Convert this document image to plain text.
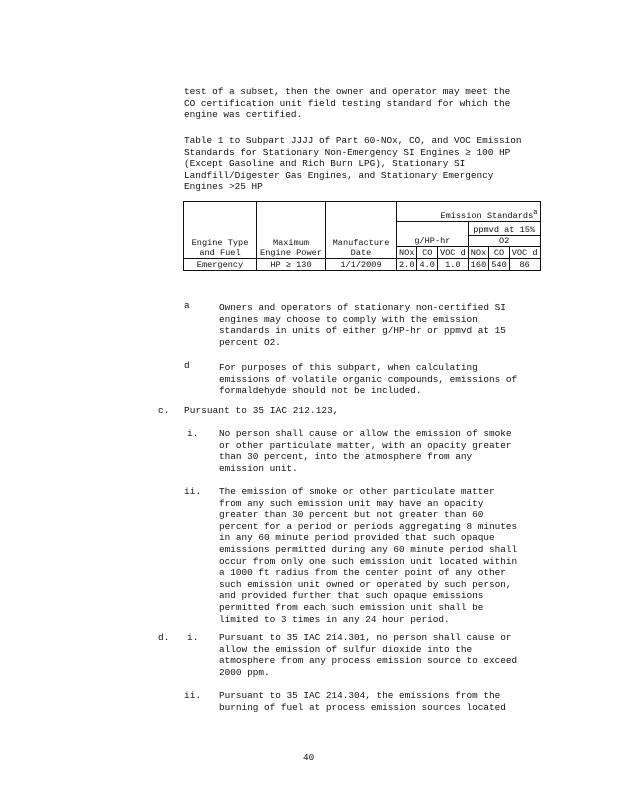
test of a subset, then the owner and operator may meet the
CO certification unit field testing standard for which the
engine was certified.
Table 1 to Subpart JJJJ of Part 60-NOx, CO, and VOC Emission
Standards for Stationary Non-Emergency SI Engines ≥ 100 HP
(Except Gasoline and Rich Burn LPG), Stationary SI
Landfill/Digester Gas Engines, and Stationary Emergency
Engines >25 HP
Engine Type and Fuel	Maximum Engine Power	Manufacture Date	Emission Standards$^a$
			g/HP-hr			ppmvd at 15%		
						O2		
			NOx	CO	VOC d	NOx	CO	VOC d
Emergency	HP ≥ 130	1/1/2009	2.0	4.0	1.0	160	540	86
a	Owners and operators of stationary non-certified SI
engines may choose to comply with the emission
standards in units of either g/HP-hr or ppmvd at 15
percent O2.
d	For purposes of this subpart, when calculating
emissions of volatile organic compounds, emissions of
formaldehyde should not be included.
c. Pursuant to 35 IAC 212.123,
i. No person shall cause or allow the emission of smoke
or other particulate matter, with an opacity greater
than 30 percent, into the atmosphere from any
emission unit.
ii. The emission of smoke or other particulate matter
from any such emission unit may have an opacity
greater than 30 percent but not greater than 60
percent for a period or periods aggregating 8 minutes
in any 60 minute period provided that such opaque
emissions permitted during any 60 minute period shall
occur from only one such emission unit located within
a 1000 ft radius from the center point of any other
such emission unit owned or operated by such person,
and provided further that such opaque emissions
permitted from each such emission unit shall be
limited to 3 times in any 24 hour period.
d. i. Pursuant to 35 IAC 214.301, no person shall cause or
allow the emission of sulfur dioxide into the
atmosphere from any process emission source to exceed
2000 ppm.
ii. Pursuant to 35 IAC 214.304, the emissions from the
burning of fuel at process emission sources located
40
